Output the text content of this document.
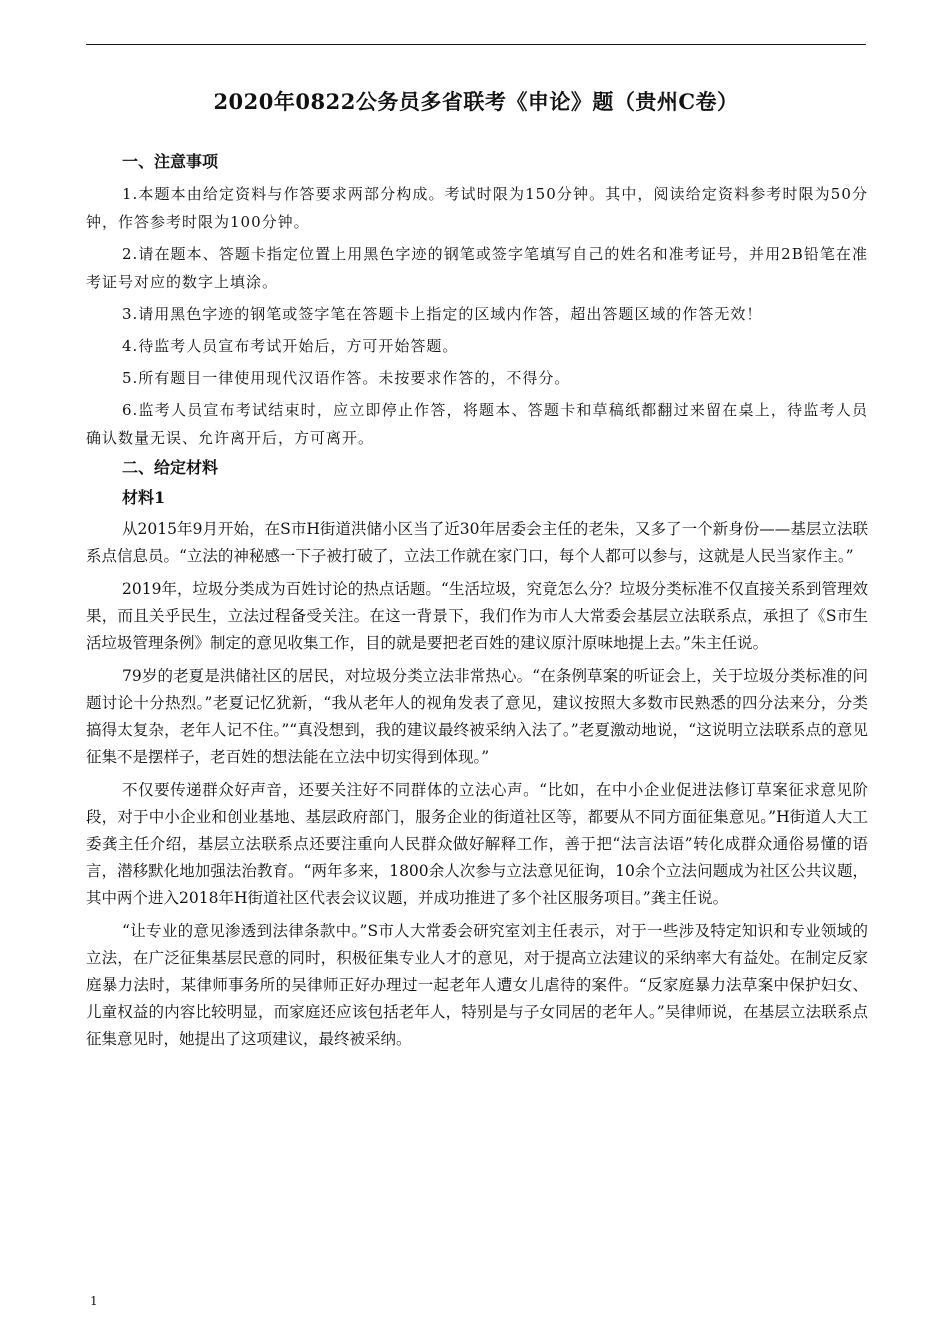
2020年0822公务员多省联考《申论》题（贵州C卷）
一、注意事项

1.本题本由给定资料与作答要求两部分构成。考试时限为150分钟。其中，阅读给定资料参考时限为50分钟，作答参考时限为100分钟。

2.请在题本、答题卡指定位置上用黑色字迹的钢笔或签字笔填写自己的姓名和准考证号，并用2B铅笔在准考证号对应的数字上填涂。

3.请用黑色字迹的钢笔或签字笔在答题卡上指定的区域内作答，超出答题区域的作答无效！

4.待监考人员宣布考试开始后，方可开始答题。

5.所有题目一律使用现代汉语作答。未按要求作答的，不得分。

6.监考人员宣布考试结束时，应立即停止作答，将题本、答题卡和草稿纸都翻过来留在桌上，待监考人员确认数量无误、允许离开后，方可离开。

二、给定材料
材料1

从2015年9月开始，在S市H街道洪储小区当了近30年居委会主任的老朱，又多了一个新身份——基层立法联系点信息员。“立法的神秘感一下子被打破了，立法工作就在家门口，每个人都可以参与，这就是人民当家作主。”

2019年，垃圾分类成为百姓讨论的热点话题。“生活垃圾，究竟怎么分？垃圾分类标准不仅直接关系到管理效果，而且关乎民生，立法过程备受关注。在这一背景下，我们作为市人大常委会基层立法联系点，承担了《S市生活垃圾管理条例》制定的意见收集工作，目的就是要把老百姓的建议原汁原味地提上去。”朱主任说。

79岁的老夏是洪储社区的居民，对垃圾分类立法非常热心。“在条例草案的听证会上，关于垃圾分类标准的问题讨论十分热烈。”老夏记忆犹新，“我从老年人的视角发表了意见，建议按照大多数市民熟悉的四分法来分，分类搞得太复杂，老年人记不住。”“真没想到，我的建议最终被采纳入法了。”老夏激动地说，“这说明立法联系点的意见征集不是摆样子，老百姓的想法能在立法中切实得到体现。”

不仅要传递群众好声音，还要关注好不同群体的立法心声。“比如，在中小企业促进法修订草案征求意见阶段，对于中小企业和创业基地、基层政府部门，服务企业的街道社区等，都要从不同方面征集意见。”H街道人大工委龚主任介绍，基层立法联系点还要注重向人民群众做好解释工作，善于把“法言法语”转化成群众通俗易懂的语言，潜移默化地加强法治教育。“两年多来，1800余人次参与立法意见征询，10余个立法问题成为社区公共议题，其中两个进入2018年H街道社区代表会议议题，并成功推进了多个社区服务项目。”龚主任说。

“让专业的意见渗透到法律条款中。”S市人大常委会研究室刘主任表示，对于一些涉及特定知识和专业领域的立法，在广泛征集基层民意的同时，积极征集专业人才的意见，对于提高立法建议的采纳率大有益处。在制定反家庭暴力法时，某律师事务所的吴律师正好办理过一起老年人遭女儿虐待的案件。“反家庭暴力法草案中保护妇女、儿童权益的内容比较明显，而家庭还应该包括老年人，特别是与子女同居的老年人。”吴律师说，在基层立法联系点征集意见时，她提出了这项建议，最终被采纳。

1
